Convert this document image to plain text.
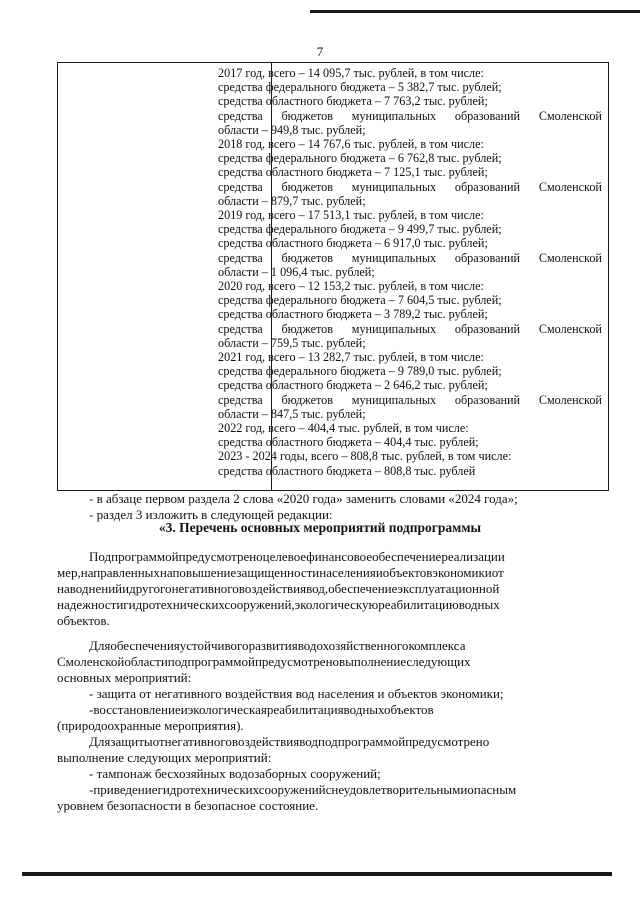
7
2017 год, всего – 14 095,7 тыс. рублей, в том числе:
средства федерального бюджета – 5 382,7 тыс. рублей;
средства областного бюджета – 7 763,2 тыс. рублей;
средства бюджетов муниципальных образований Смоленской
области – 949,8 тыс. рублей;
2018 год, всего – 14 767,6 тыс. рублей, в том числе:
средства федерального бюджета – 6 762,8 тыс. рублей;
средства областного бюджета – 7 125,1 тыс. рублей;
средства бюджетов муниципальных образований Смоленской
области – 879,7 тыс. рублей;
2019 год, всего – 17 513,1 тыс. рублей, в том числе:
средства федерального бюджета – 9 499,7 тыс. рублей;
средства областного бюджета – 6 917,0 тыс. рублей;
средства бюджетов муниципальных образований Смоленской
области – 1 096,4 тыс. рублей;
2020 год, всего – 12 153,2 тыс. рублей, в том числе:
средства федерального бюджета – 7 604,5 тыс. рублей;
средства областного бюджета – 3 789,2 тыс. рублей;
средства бюджетов муниципальных образований Смоленской
области – 759,5 тыс. рублей;
2021 год, всего – 13 282,7 тыс. рублей, в том числе:
средства федерального бюджета – 9 789,0 тыс. рублей;
средства областного бюджета – 2 646,2 тыс. рублей;
средства бюджетов муниципальных образований Смоленской
области – 847,5 тыс. рублей;
2022 год, всего – 404,4 тыс. рублей, в том числе:
средства областного бюджета – 404,4 тыс. рублей;
2023 - 2024 годы, всего – 808,8 тыс. рублей, в том числе:
средства областного бюджета – 808,8 тыс. рублей
- в абзаце первом раздела 2 слова «2020 года» заменить словами «2024 года»;
- раздел 3 изложить в следующей редакции:
«3. Перечень основных мероприятий подпрограммы
Подпрограммойпредусмотреноцелевоефинансовоеобеспечениереализации
мер,направленныхнаповышениезащищенностинаселенияиобъектовэкономикиот
наводненийидругогонегативноговоздействиявод,обеспечениеэксплуатационной
надежностигидротехническихсооружений,экологическуюреабилитациюводных
объектов.
Дляобеспеченияустойчивогоразвитияводохозяйственногокомплекса
Смоленскойобластиподпрограммойпредусмотреновыполнениеследующих
основных мероприятий:
- защита от негативного воздействия вод населения и объектов экономики;
-восстановлениеиэкологическаяреабилитацияводныхобъектов
(природоохранные мероприятия).
Длязащитыотнегативноговоздействияводподпрограммойпредусмотрено
выполнение следующих мероприятий:
- тампонаж бесхозяйных водозаборных сооружений;
-приведениегидротехническихсооруженийснеудовлетворительнымиопасным
уровнем безопасности в безопасное состояние.
